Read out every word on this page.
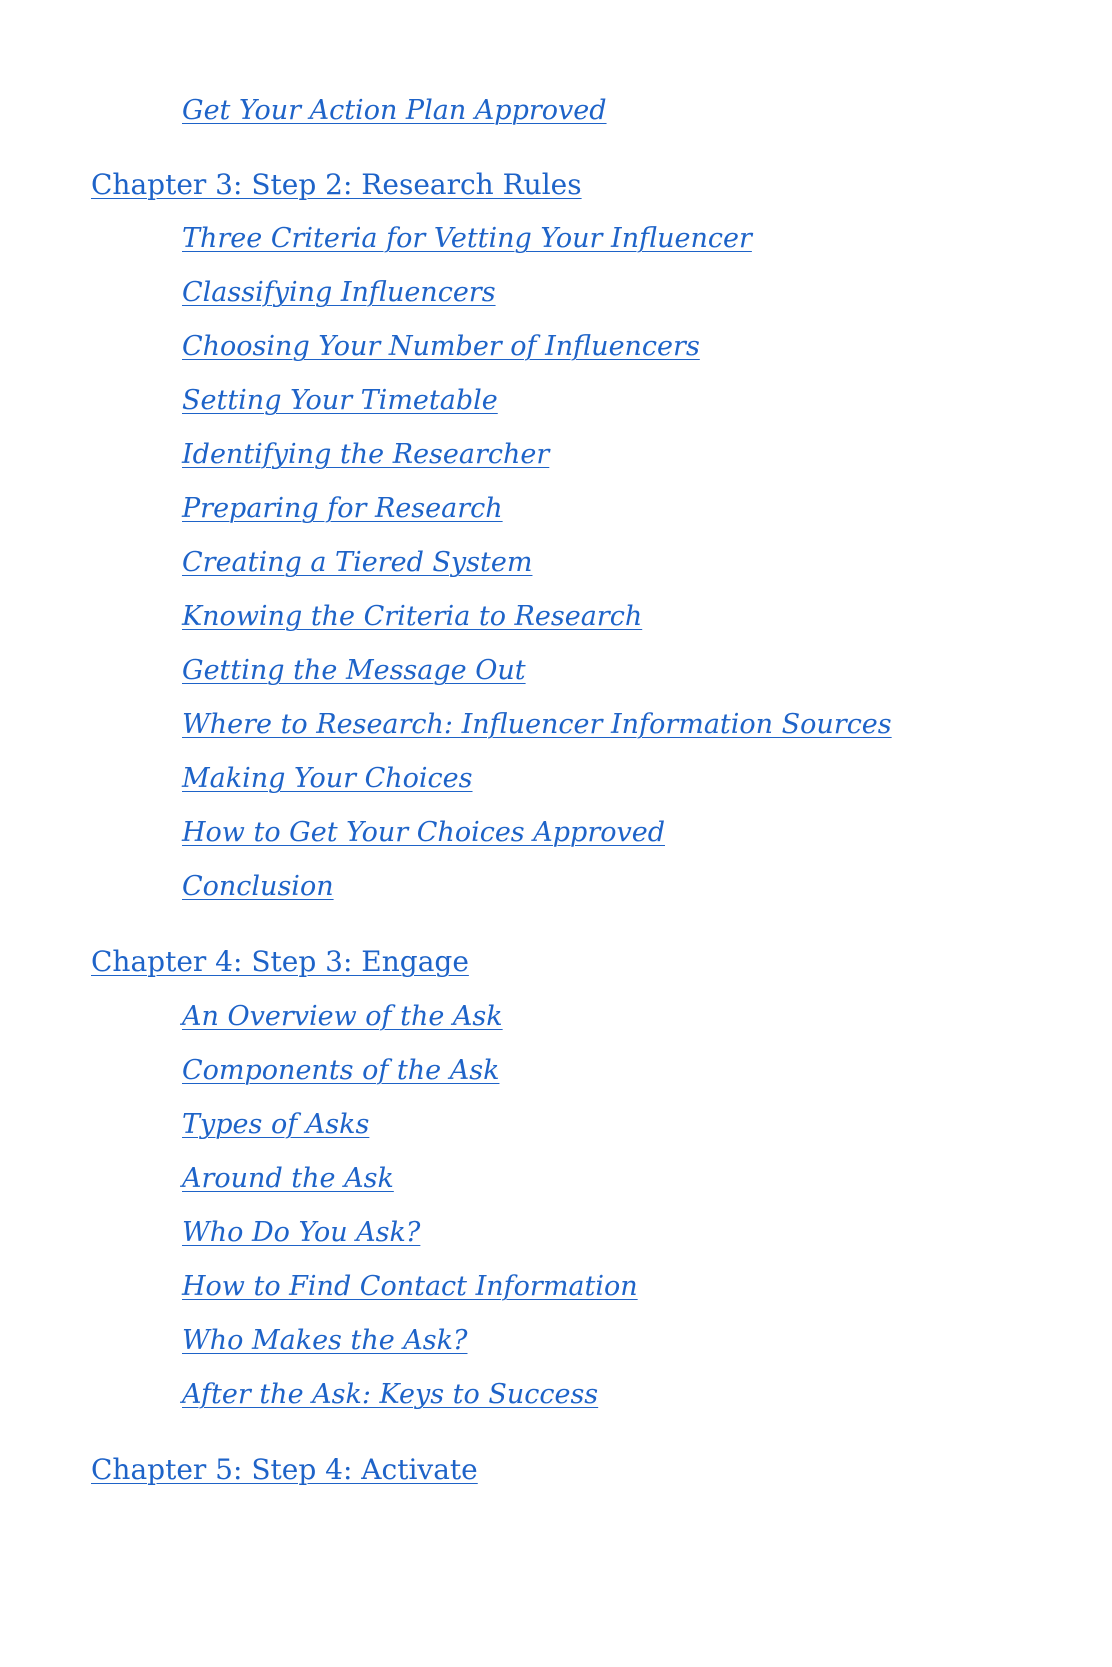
Get Your Action Plan Approved
Chapter 3: Step 2: Research Rules
Three Criteria for Vetting Your Influencer
Classifying Influencers
Choosing Your Number of Influencers
Setting Your Timetable
Identifying the Researcher
Preparing for Research
Creating a Tiered System
Knowing the Criteria to Research
Getting the Message Out
Where to Research: Influencer Information Sources
Making Your Choices
How to Get Your Choices Approved
Conclusion
Chapter 4: Step 3: Engage
An Overview of the Ask
Components of the Ask
Types of Asks
Around the Ask
Who Do You Ask?
How to Find Contact Information
Who Makes the Ask?
After the Ask: Keys to Success
Chapter 5: Step 4: Activate
